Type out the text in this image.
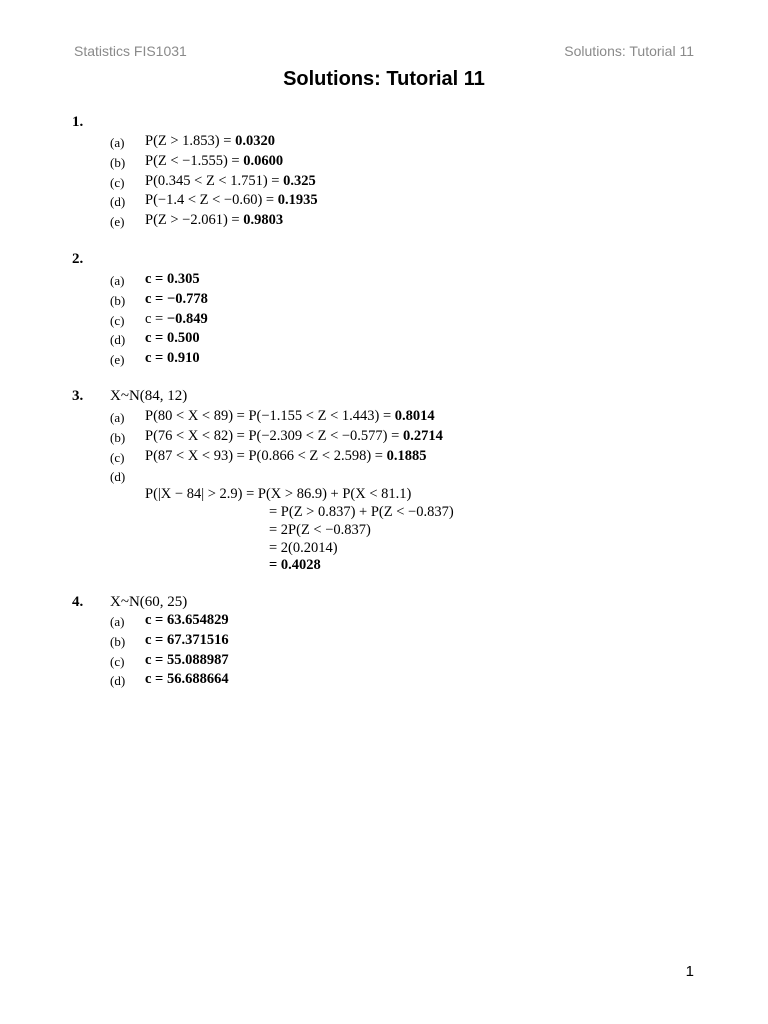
Statistics FIS1031	Solutions: Tutorial 11
Solutions: Tutorial 11
1.
(a) P(Z > 1.853) = 0.0320
(b) P(Z < −1.555) = 0.0600
(c) P(0.345 < Z < 1.751) = 0.325
(d) P(−1.4 < Z < −0.60) = 0.1935
(e) P(Z > −2.061) = 0.9803
2.
(a) c = 0.305
(b) c = −0.778
(c) c = −0.849
(d) c = 0.500
(e) c = 0.910
3. X~N(84, 12)
(a) P(80 < X < 89) = P(−1.155 < Z < 1.443) = 0.8014
(b) P(76 < X < 82) = P(−2.309 < Z < −0.577) = 0.2714
(c) P(87 < X < 93) = P(0.866 < Z < 2.598) = 0.1885
(d)
P(|X − 84| > 2.9) = P(X > 86.9) + P(X < 81.1)
= P(Z > 0.837) + P(Z < −0.837)
= 2P(Z < −0.837)
= 2(0.2014)
= 0.4028
4. X~N(60, 25)
(a) c = 63.654829
(b) c = 67.371516
(c) c = 55.088987
(d) c = 56.688664
1
